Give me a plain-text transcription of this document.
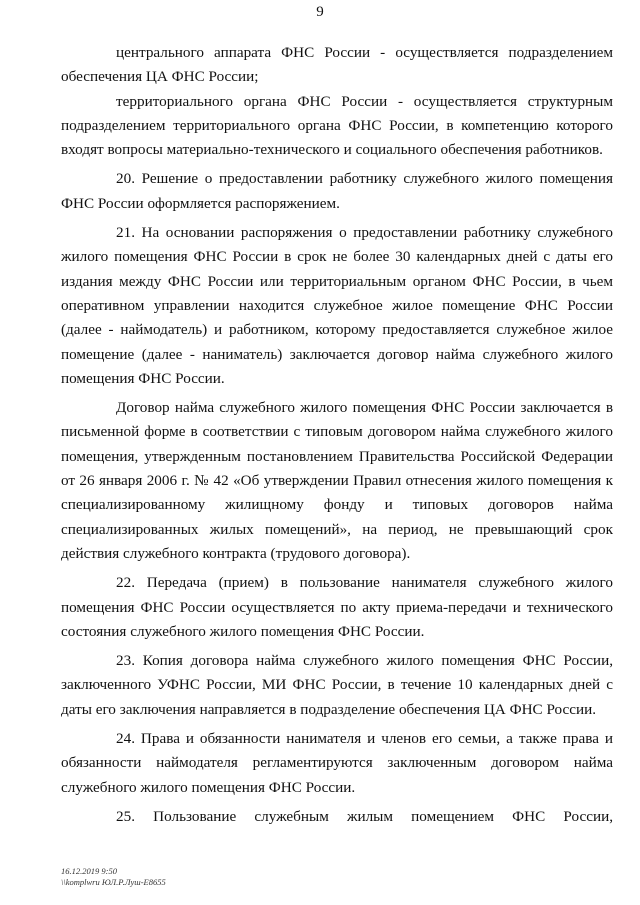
9
центрального аппарата ФНС России - осуществляется подразделением
обеспечения ЦА ФНС России;
территориального органа ФНС России - осуществляется структурным
подразделением территориального органа ФНС России, в компетенцию которого
входят вопросы материально-технического и социального обеспечения работников.
20. Решение о предоставлении работнику служебного жилого помещения
ФНС России оформляется распоряжением.
21. На основании распоряжения о предоставлении работнику служебного
жилого помещения ФНС России в срок не более 30 календарных дней с даты его
издания между ФНС России или территориальным органом ФНС России, в чьем
оперативном управлении находится служебное жилое помещение ФНС России
(далее - наймодатель) и работником, которому предоставляется служебное жилое
помещение (далее - наниматель) заключается договор найма служебного жилого
помещения ФНС России.
Договор найма служебного жилого помещения ФНС России заключается в
письменной форме в соответствии с типовым договором найма служебного жилого
помещения, утвержденным постановлением Правительства Российской Федерации
от 26 января 2006 г. № 42 «Об утверждении Правил отнесения жилого помещения к
специализированному жилищному фонду и типовых договоров найма
специализированных жилых помещений», на период, не превышающий срок
действия служебного контракта (трудового договора).
22. Передача (прием) в пользование нанимателя служебного жилого
помещения ФНС России осуществляется по акту приема-передачи и технического
состояния служебного жилого помещения ФНС России.
23. Копия договора найма служебного жилого помещения ФНС России,
заключенного УФНС России, МИ ФНС России, в течение 10 календарных дней с
даты его заключения направляется в подразделение обеспечения ЦА ФНС России.
24. Права и обязанности нанимателя и членов его семьи, а также права и
обязанности наймодателя регламентируются заключенным договором найма
служебного жилого помещения ФНС России.
25. Пользование служебным жилым помещением ФНС России,
16.12.2019 9:50
\\komplwru ЮЛ.Р.Луш-Е8655
